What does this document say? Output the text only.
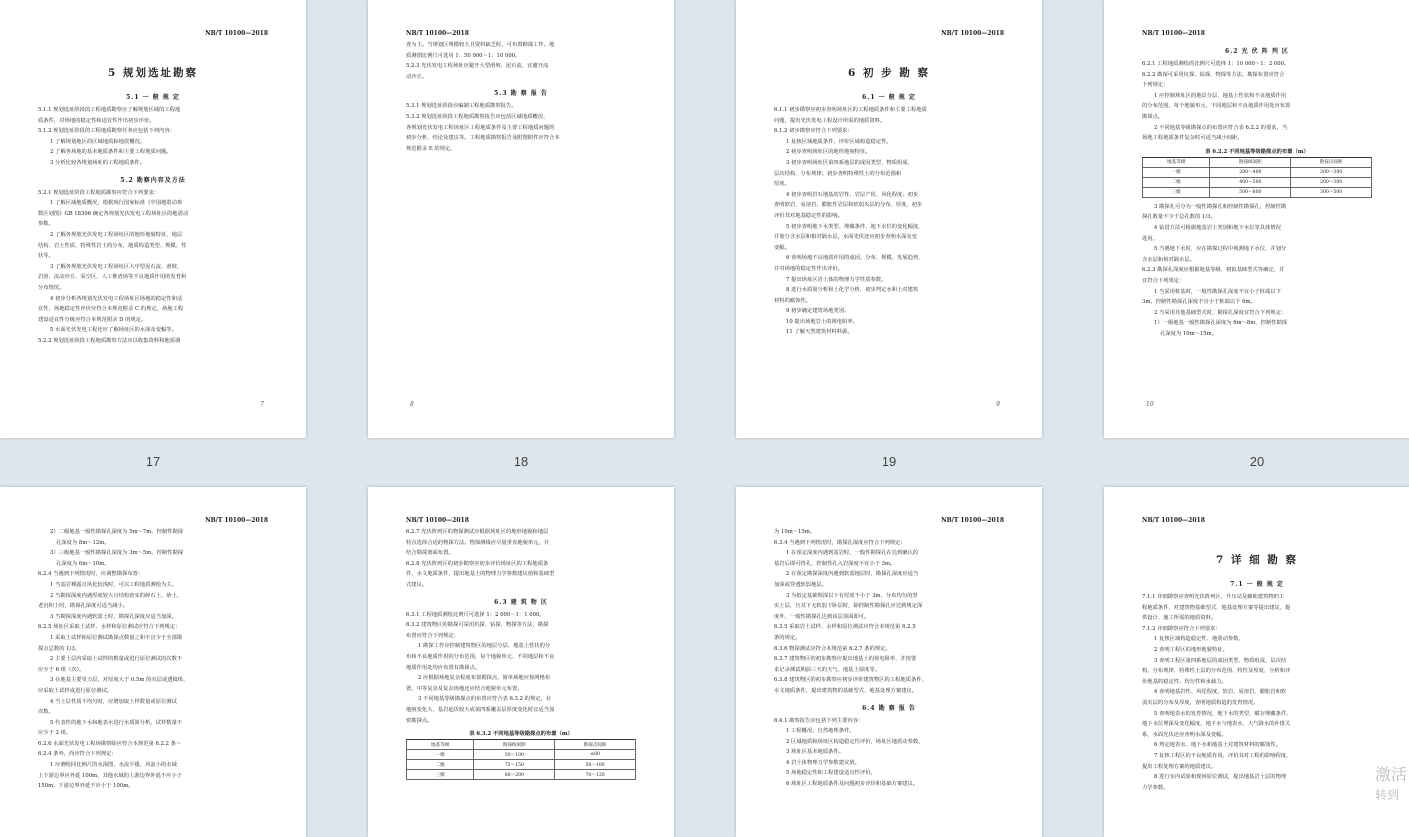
NB/T 10100—2018
5 规划选址勘察
5.1 一 般 规 定
5.1.1 规划选址阶段的工程地质勘察应了解规划区域的工程地
质条件，对场地的稳定性和适宜性作出初步评价。
5.1.2 规划选址阶段的工程地质勘察任务应包括下列内容：
1 了解规划地区的区域地质和地震概况。
2 了解各场地的基本地质条件和主要工程地质问题。
3 分析比较各规划场址的工程地质条件。
5.2 勘察内容及方法
5.2.1 规划选址阶段工程地质勘察应符合下列要求：
1 了解区域地质概况，根据现行国家标准《中国地震动参
数区划图》GB 18306 确定各规划光伏发电工程场址区的地震动
参数。
2 了解各规划光伏发电工程场址区的地形地貌特征、地层
结构、岩土性质、特殊性岩土的分布，地质构造类型、规模、性
状等。
3 了解各规划光伏发电工程场址区大中型泥石流、滑坡、
岩溶、流动沙丘、采空区、人工堆渣场等不良地质作用的发育和
分布情况。
4 初步分析各规划光伏发电工程场址区场地的稳定性和适
宜性，场地稳定性评价应符合本规范附录 C 的规定，场地工程
建设适宜性分级应符合本规范附录 D 的规定。
5 水面光伏发电工程还应了解场址区的水深及变幅等。
5.2.2 规划选址阶段工程地质勘察方法应以收集资料和地质调
7
NB/T 10100—2018
查为主。当规划区规模较大且资料缺乏时，可布置勘探工作。地
质测图比例尺可选用 1：50 000～1：10 000。
5.2.3 光伏发电工程场址应避开大型滑坡、泥石流，宜避开流
动沙丘。
5.3 勘 察 报 告
5.3.1 规划选址阶段应编制工程地质勘察报告。
5.3.2 规划选址阶段工程地质勘察报告应包括区域地质概况、
各规划光伏发电工程场址区工程地质条件及主要工程地质问题的
初步分析、结论及建议等。工程地质勘察报告及附图附件应符合本
规范附录 E 的规定。
8
NB/T 10100—2018
6 初 步 勘 察
6.1 一 般 规 定
6.1.1 初步勘察应初步查明场址区的工程地质条件和主要工程地质
问题，提出光伏发电工程设计所需的地质资料。
6.1.2 初步勘察应符合下列要求：
1 复核区域地质条件，评价区域构造稳定性。
2 初步查明场址区的地形地貌特征。
3 初步查明场址区第四系地层的成因类型、物质组成、
层次结构、分布规律；初步查明特殊性土的分布范围和
厚度。
4 初步查明岩石地基的岩性、岩层产状、风化程度；初步
查明软岩、易溶岩、膨胀性岩层和软弱夹层的分布、厚度，初步
评价其对地基稳定性的影响。
5 初步查明地下水类型、埋藏条件、地下水位的变化幅度，
并划分含水层和相对隔水层。水面光伏还应初步查明水深及变
变幅。
6 查明场地不良地质作用的成因、分布、规模、发展趋势，
并对场地的稳定性作出评价。
7 提出场址区岩土体的物理力学性质参数。
8 进行水质简分析和土化学分析，初步判定水和土对建筑
材料的腐蚀性。
9 初步确定建筑场地类别。
10 提出场地岩土的视电阻率。
11 了解天然建筑材料料源。
9
NB/T 10100—2018
6.2 光 伏 阵 列 区
6.2.1 工程地质测绘的比例尺可选择 1：10 000～1：2 000。
6.2.2 勘探可采用坑探、钻探、物探等方法，勘探布置应符合
下列规定：
1 应控制场址区的地层分层、地基土性状和不良地质作用
的分布范围，每个地貌单元、不同地层和不良地质作用处应布置
勘探点。
2 不同地基等级勘探点的布置应符合表 6.2.2 的要求，当
场地工程地质条件复杂时可适当减小间距。
表 6.2.2 不同地基等级勘探点的布置（m）
地基等级	勘探线间距	勘探点间距
一级	200～400	200～300
二级	400～500	200～300
三级	500～600	300～500
3 勘探孔可分为一般性勘探孔和控制性勘探孔，控制性勘
探孔数量不少于总孔数的 1/3。
4 钻进方法可根据地基岩土类别和地下水位等具体情况
选用。
5 当遇地下水时，应在勘探过程中观测地下水位，并划分
含水层和相对隔水层。
6.2.3 勘探孔深度应根据地基等级、初拟基础型式等确定，并
宜符合下列规定：
1 当采用桩基时，一般性勘探孔深度不宜小于桩端以下
3m，控制性勘探孔深度不宜小于桩端以下 6m。
2 当采用其他基础型式时，勘探孔深度宜符合下列规定：
1）一级地基一般性勘探孔深度为 6m～8m，控制性勘探
孔深度为 10m～15m。
10
17	18	19	20
NB/T 10100—2018
2）二级地基一般性勘探孔深度为 5m～7m，控制性勘探
孔深度为 8m～12m。
3）三级地基一般性勘探孔深度为 3m～5m，控制性勘探
孔深度为 6m～10m。
6.2.4 当遇到下列情况时，应调整勘探布置：
1 当基岩裸露且风化较浅时，可以工程地质测绘为主。
2 当勘探深度内遇厚度较大且结构密实的碎石土、砂土、
老沉积土时，勘探孔深度可适当减小。
3 当勘探深度内遇软弱土时，勘探孔深度应适当加深。
6.2.5 场址区采取土试样、水样和原位测试应符合下列规定：
1 采取土试样和原位测试勘探点数量之和不宜少于全部勘
探点总数的 1/3。
2 主要土层内采取土试样的数量或进行原位测试的次数不
应少于 6 组（次）。
3 在地基主要受力层，对厚度大于 0.5m 的夹层或透镜体，
应采取土试样或进行原位测试。
4 当土层性质不均匀时，应增加取土样数量或原位测试
次数。
5 代表性的地下水和地表水进行水质简分析，试样数量不
应少于 2 组。
6.2.6 水面光伏发电工程场勘察除应符合本规范第 6.2.2 条～
6.2.4 条外，尚应符合下列规定：
1 应测绘同比例尺的水深图，水流平缓、风浪小的水域
上下游边界应外延 100m，其他水域的上游边界外延不应小于
150m，下游边界外延不应小于 100m。
NB/T 10100—2018
6.2.7 光伏阵列区的物探测试应根据场址区的地形地貌和地层
特点选择合适的物探方法。物探测线应尽量垂直地貌单元，并
结合勘探剖面布置。
6.2.8 光伏阵列区的初步勘察应初步评价场址区的工程地质条
件、水文地质条件，提出地基土的物理力学参数建议值和基础型
式建议。
6.3 建 筑 物 区
6.3.1 工程地质测绘比例尺可选择 1：2 000～1：1 000。
6.3.2 建筑物区的勘探可采用坑探、钻探、物探等方法，勘探
布置应符合下列规定：
1 勘探工作应控制建筑物区的地层分层、地基土性状的分
布和不良地质作用的分布范围，每个地貌单元、不同地层和不良
地质作用处均应布置有勘探点。
2 应根据场地复杂程度布置勘探点，简单场地应按网格布
置，中等复杂及复杂场地还应结合地貌单元布置。
3 不同地基等级勘探点的布置应符合表 6.3.2 的规定，在
地貌变化大、基岩起伏较大或第四系覆盖层厚度变化时宜适当加
密勘探点。
表 6.3.2 不同地基等级勘探点的布置（m）
地基等级	勘探线间距	勘探点间距
一级	50～100	≤80
二级	75～150	50～100
三级	80～200	70～120
NB/T 10100—2018
为 10m～15m。
6.3.4 当遇到下列情况时，勘探孔深度应符合下列规定：
1 在预定深度内遇到基岩时，一般性勘探孔在达到确认的
基岩后即可终孔，控制性孔入岩深度不宜小于 3m。
2 在预定勘探深度内遇到软弱地层时，勘探孔深度应适当
加深或穿透软弱地层。
3 为拟定基础埋深以下有厚度不小于 3m、分布均匀的坚
实土层，且其下无软弱下卧层时，除控制性勘探孔应达到规定深
度外，一般性勘探孔达到该层顶面即可。
6.3.5 采取岩土试样、水样和原位测试应符合本规范第 6.2.5
条的规定。
6.3.6 物探测试应符合本规范第 6.2.7 条的规定。
6.3.7 建筑物区的初步勘察应提出地基土的视电阻率，并按要
求记录测试期前三天的天气、地基土湿度等。
6.3.8 建筑物区的初步勘察应初步评价建筑物区的工程地质条件、
水文地质条件，提出建筑物的基础型式、地基处理方案建议。
6.4 勘 察 报 告
6.4.1 勘察报告应包括下列主要内容：
1 工程概况、自然地理条件。
2 区域地质和场址区构造稳定性评价，场址区地震动参数。
3 场址区基本地质条件。
4 岩土体物理力学参数建议值。
5 场地稳定性和工程建设适宜性评价。
6 场址区工程地质条件及问题初步评价和基础方案建议。
NB/T 10100—2018
7 详 细 勘 察
7.1 一 般 规 定
7.1.1 详细勘察应查明光伏阵列区、升压站及辅助建筑物的工
程地质条件，对建筑物基础型式、地基处理方案等提出建议，提
供设计、施工所需的地质资料。
7.1.2 详细勘察应符合下列要求：
1 复核区域构造稳定性、地震动参数。
2 查明工程区的地形地貌特征。
3 查明工程区第四系地层的成因类型、物质组成、层次结
构、分布规律，特殊性土层的分布范围、特性及厚度，分析和评
价地基的稳定性、均匀性和承载力。
4 查明地基岩性、风化程度，软岩、易溶岩、膨胀岩和软
弱夹层的分布及厚度，查明地质构造的发育情况。
5 查明地表水的发育情况，地下水的类型、赋存埋藏条件、
地下水位埋深及变化幅度，地下水与地表水、大气降水的补排关
系，水面光伏还应查明水深及变幅。
6 判定地表水、地下水和地基土对建筑材料的腐蚀性。
7 复核工程区的不良地质作用，评价其对工程的影响程度，
提出工程处理方案的地质建议。
8 进行室内试验和现场原位测试，提出地基岩土层的物理
力学参数。
激活
转到
